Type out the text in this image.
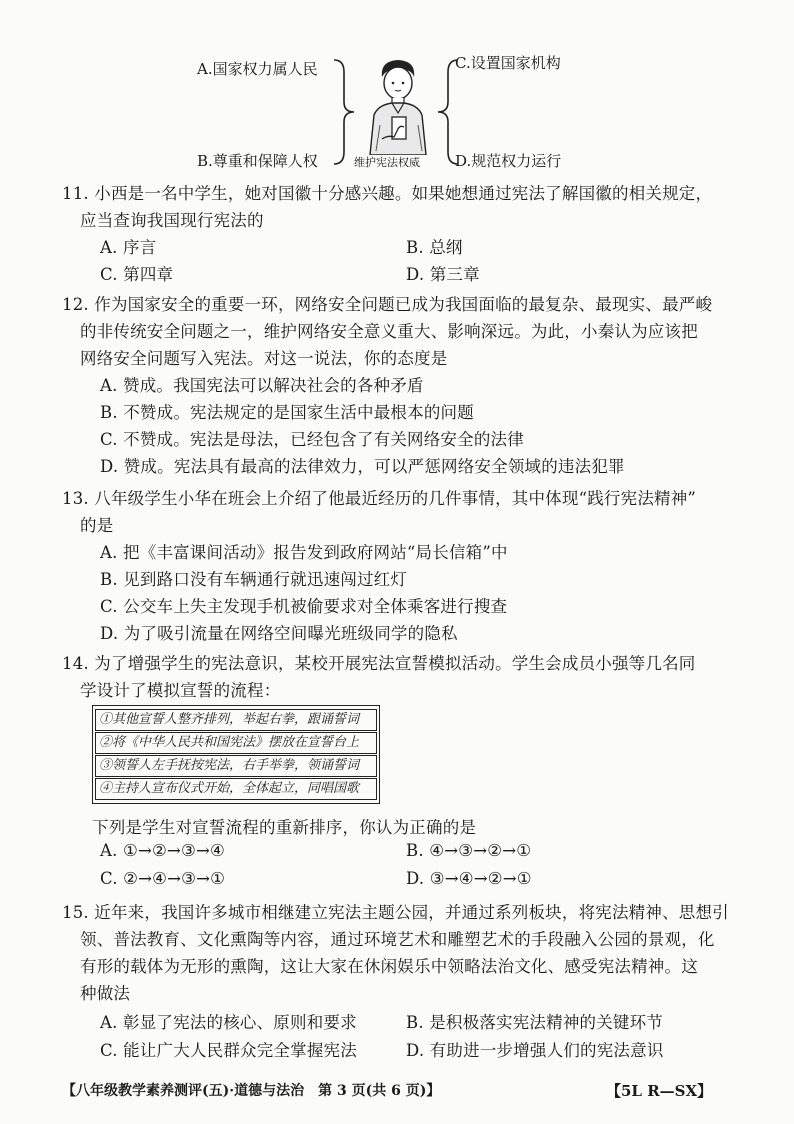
A.国家权力属人民
B.尊重和保障人权
C.设置国家机构
D.规范权力运行
维护宪法权威
11. 小西是一名中学生，她对国徽十分感兴趣。如果她想通过宪法了解国徽的相关规定，
应当查询我国现行宪法的
A. 序言	B. 总纲
C. 第四章	D. 第三章
12. 作为国家安全的重要一环，网络安全问题已成为我国面临的最复杂、最现实、最严峻
的非传统安全问题之一，维护网络安全意义重大、影响深远。为此，小秦认为应该把
网络安全问题写入宪法。对这一说法，你的态度是
A. 赞成。我国宪法可以解决社会的各种矛盾
B. 不赞成。宪法规定的是国家生活中最根本的问题
C. 不赞成。宪法是母法，已经包含了有关网络安全的法律
D. 赞成。宪法具有最高的法律效力，可以严惩网络安全领域的违法犯罪
13. 八年级学生小华在班会上介绍了他最近经历的几件事情，其中体现“践行宪法精神”
的是
A. 把《丰富课间活动》报告发到政府网站“局长信箱”中
B. 见到路口没有车辆通行就迅速闯过红灯
C. 公交车上失主发现手机被偷要求对全体乘客进行搜查
D. 为了吸引流量在网络空间曝光班级同学的隐私
14. 为了增强学生的宪法意识，某校开展宪法宣誓模拟活动。学生会成员小强等几名同
学设计了模拟宣誓的流程：
①其他宣誓人整齐排列，举起右拳，跟诵誓词
②将《中华人民共和国宪法》摆放在宣誓台上
③领誓人左手抚按宪法，右手举拳，领诵誓词
④主持人宣布仪式开始，全体起立，同唱国歌
下列是学生对宣誓流程的重新排序，你认为正确的是
A. ①→②→③→④	B. ④→③→②→①
C. ②→④→③→①	D. ③→④→②→①
15. 近年来，我国许多城市相继建立宪法主题公园，并通过系列板块，将宪法精神、思想引
领、普法教育、文化熏陶等内容，通过环境艺术和雕塑艺术的手段融入公园的景观，化
有形的载体为无形的熏陶，这让大家在休闲娱乐中领略法治文化、感受宪法精神。这
种做法
A. 彰显了宪法的核心、原则和要求	B. 是积极落实宪法精神的关键环节
C. 能让广大人民群众完全掌握宪法	D. 有助进一步增强人们的宪法意识
【八年级教学素养测评(五)·道德与法治　第 3 页(共 6 页)】	【5L R—SX】
